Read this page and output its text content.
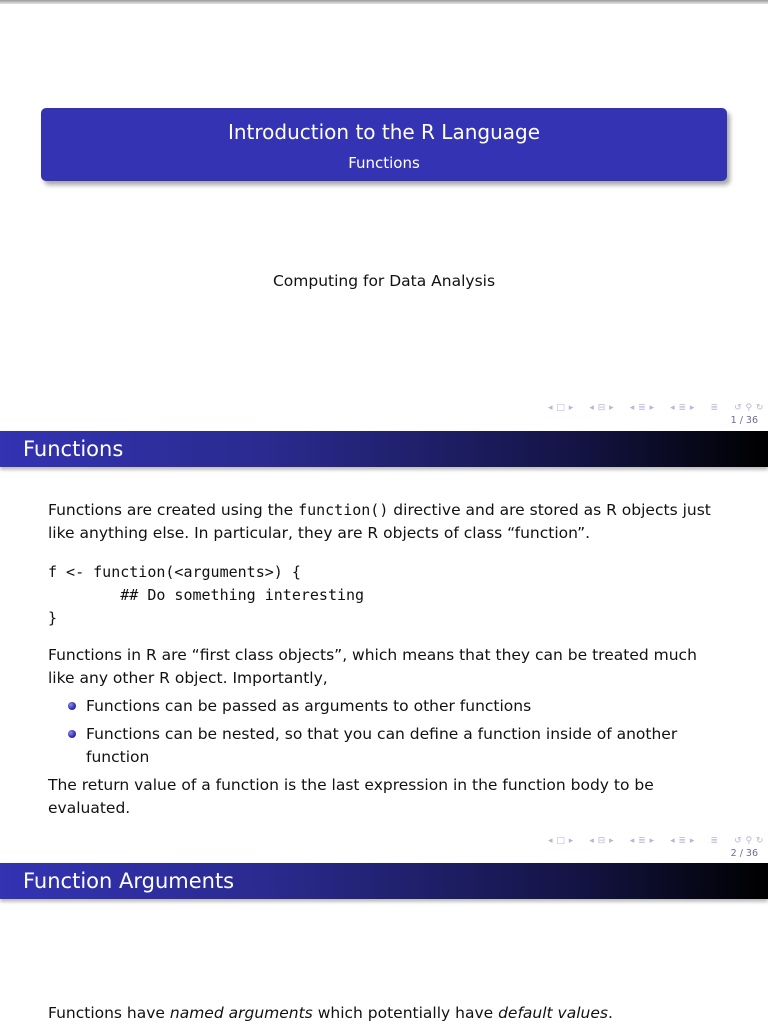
Introduction to the R Language
Functions
Computing for Data Analysis
◂ □ ▸ ◂ ⊟ ▸ ◂ ≣ ▸ ◂ ≣ ▸ ≣ ↺ ⚲ ↻
1 / 36
Functions
Functions are created using the function() directive and are stored as R objects just like anything else. In particular, they are R objects of class “function”.
f <- function(<arguments>) {
## Do something interesting
}
Functions in R are “first class objects”, which means that they can be treated much like any other R object. Importantly,
Functions can be passed as arguments to other functions
Functions can be nested, so that you can define a function inside of another function
The return value of a function is the last expression in the function body to be evaluated.
◂ □ ▸ ◂ ⊟ ▸ ◂ ≣ ▸ ◂ ≣ ▸ ≣ ↺ ⚲ ↻
2 / 36
Function Arguments
Functions have named arguments which potentially have default values.
